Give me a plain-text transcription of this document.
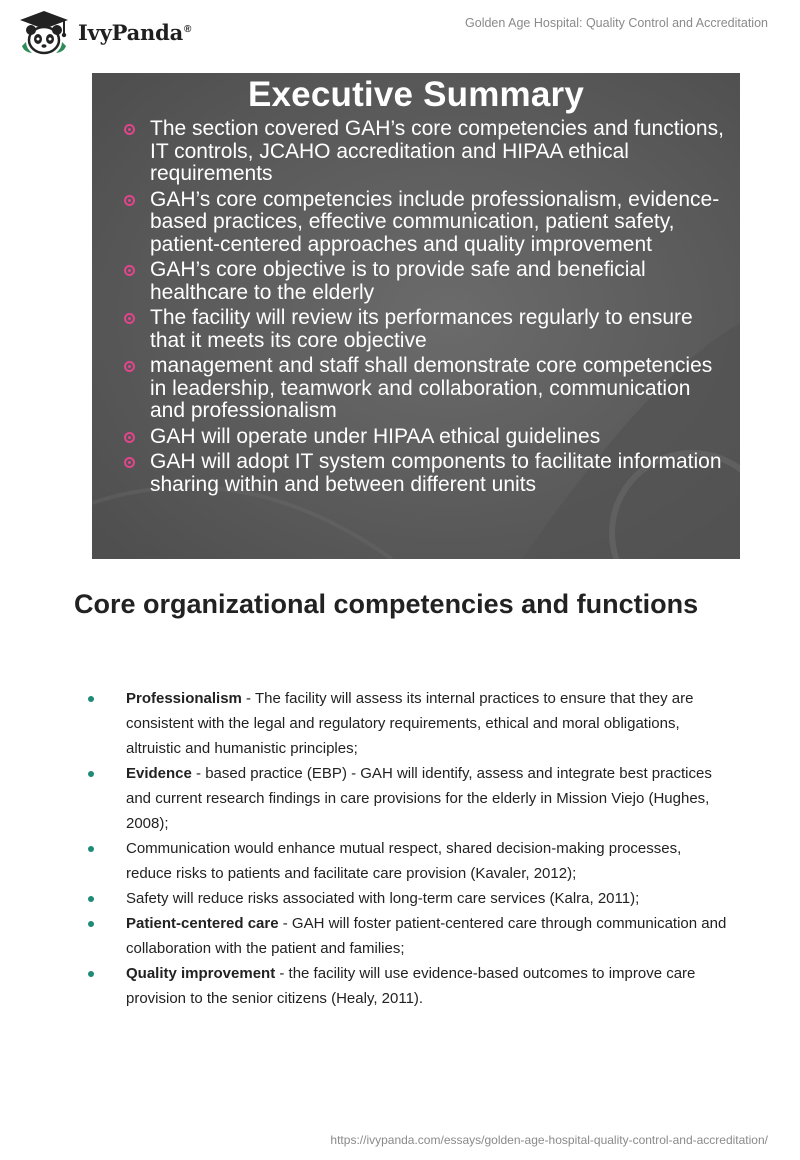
IvyPanda®	Golden Age Hospital: Quality Control and Accreditation
Executive Summary
The section covered GAH’s core competencies and functions, IT controls, JCAHO accreditation and HIPAA ethical requirements
GAH’s core competencies include professionalism, evidence-based practices, effective communication, patient safety, patient-centered approaches and quality improvement
GAH’s core objective is to provide safe and beneficial healthcare to the elderly
The facility will review its performances regularly to ensure that it meets its core objective
management and staff shall demonstrate core competencies in leadership, teamwork and collaboration, communication and professionalism
GAH will operate under HIPAA ethical guidelines
GAH will adopt IT system components to facilitate information sharing within and between different units
Core organizational competencies and functions
Professionalism - The facility will assess its internal practices to ensure that they are consistent with the legal and regulatory requirements, ethical and moral obligations, altruistic and humanistic principles;
Evidence - based practice (EBP) - GAH will identify, assess and integrate best practices and current research findings in care provisions for the elderly in Mission Viejo (Hughes, 2008);
Communication would enhance mutual respect, shared decision-making processes, reduce risks to patients and facilitate care provision (Kavaler, 2012);
Safety will reduce risks associated with long-term care services (Kalra, 2011);
Patient-centered care - GAH will foster patient-centered care through communication and collaboration with the patient and families;
Quality improvement - the facility will use evidence-based outcomes to improve care provision to the senior citizens (Healy, 2011).
https://ivypanda.com/essays/golden-age-hospital-quality-control-and-accreditation/
